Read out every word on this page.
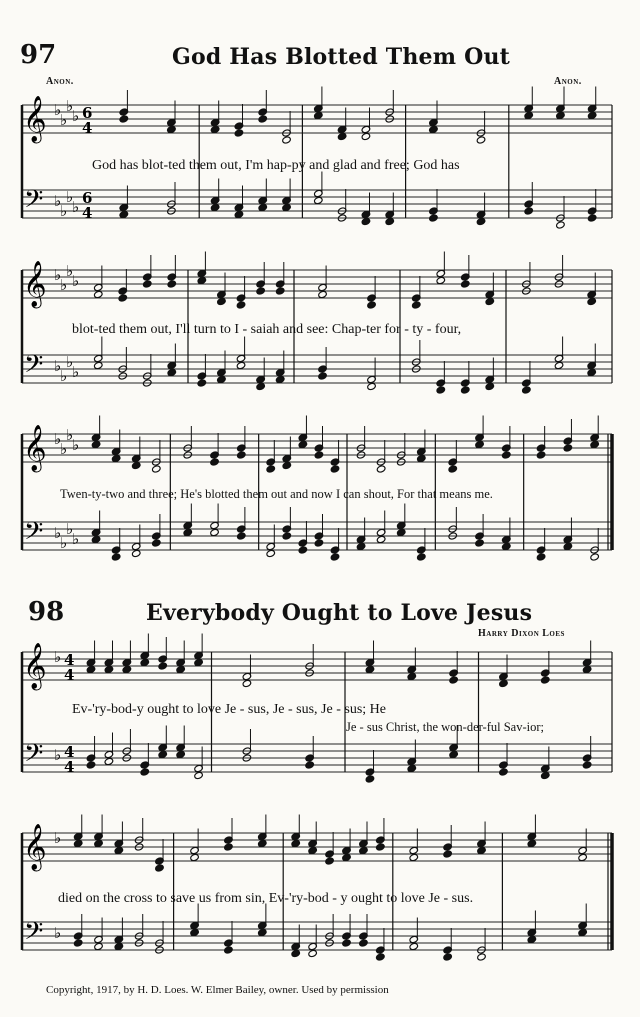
97	God Has Blotted Them Out
Anon.	Anon.
God has blot-ted them out, I'm hap-py and glad and free; God has
blot-ted them out, I'll turn to I - saiah and see: Chap-ter for - ty - four,
Twen-ty-two and three; He's blotted them out and now I can shout, For that means me.
98	Everybody Ought to Love Jesus
Harry Dixon Loes
Ev-'ry-bod-y ought to love Je - sus, Je - sus, Je - sus; He
Je - sus Christ, the won-der-ful Sav-ior;
died on the cross to save us from sin, Ev-'ry-bod - y ought to love Je - sus.
Copyright, 1917, by H. D. Loes. W. Elmer Bailey, owner. Used by permission
𝄞
𝄢
♭
♭
♭
♭
♭
♭
♭
♭
6
4
6
4
𝄞
𝄢
♭
♭
♭
♭
♭
♭
♭
♭
𝄞
𝄢
♭
♭
♭
♭
♭
♭
♭
♭
𝄞
𝄢
♭
♭
4
4
4
4
𝄞
𝄢
♭
♭
